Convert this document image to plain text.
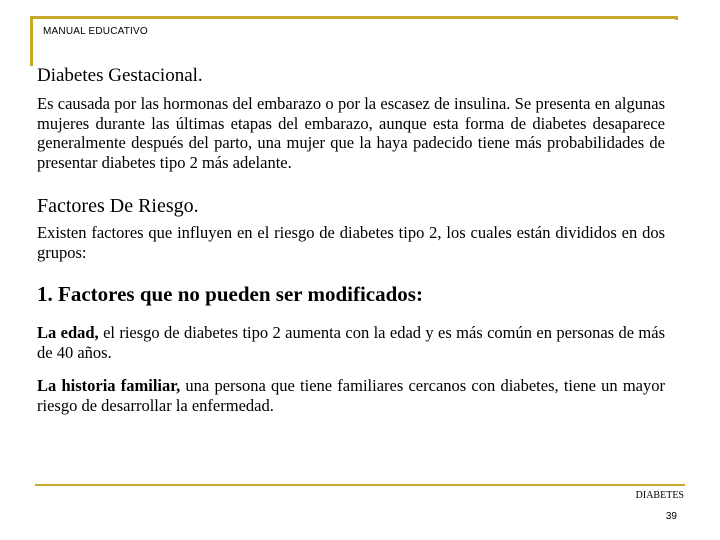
MANUAL EDUCATIVO
Diabetes Gestacional.

Es causada por las hormonas del embarazo o por la escasez de insulina. Se presenta en algunas mujeres durante las últimas etapas del embarazo, aunque esta forma de diabetes desaparece generalmente después del parto, una mujer que la haya padecido tiene más probabilidades de presentar diabetes tipo 2 más adelante.

Factores De Riesgo.

Existen factores que influyen en el riesgo de diabetes tipo 2, los cuales están divididos en dos grupos:

1. Factores que no pueden ser modificados:

La edad, el riesgo de diabetes tipo 2 aumenta con la edad y es más común en personas de más de 40 años.

La historia familiar, una persona que tiene familiares cercanos con diabetes, tiene un mayor riesgo de desarrollar la enfermedad.

DIABETES
39
